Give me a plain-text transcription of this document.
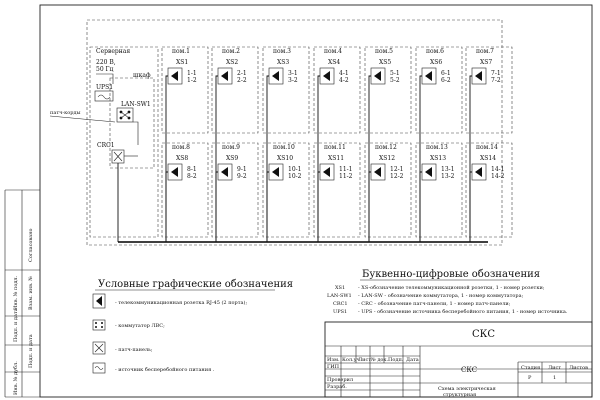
Согласовано
Инв. № подл.
Подп. и дата
Взам. инв. №
Инв. № дубл.
Подп. и дата
Серверная
220 В,
50 Гц
шкаф
UPS1
LAN-SW1
патч-корды
CRC1
пом.1
XS1
1-1
1-2
пом.2
XS2
2-1
2-2
пом.3
XS3
3-1
3-2
пом.4
XS4
4-1
4-2
пом.5
XS5
5-1
5-2
пом.6
XS6
6-1
6-2
пом.7
XS7
7-1
7-2
пом.8
XS8
8-1
8-2
пом.9
XS9
9-1
9-2
пом.10
XS10
10-1
10-2
пом.11
XS11
11-1
11-2
пом.12
XS12
12-1
12-2
пом.13
XS13
13-1
13-2
пом.14
XS14
14-1
14-2
Условные графические обозначения
- телекоммуникационная розетка RJ-45 (2 порта);
- коммутатор ЛВС;
- патч-панель;
- источник бесперебойного питания .
Буквенно-цифровые обозначения
XS1	- XS-обозначение телекоммуникационной розетки, 1 - номер розетки;
LAN-SW1 - LAN-SW - обозначение коммутатора, 1 - номер коммутатора;
CRC1 - CRC - обозначение патч-панели, 1 - номер патч-панели;
UPS1 - UPS - обозначение источника бесперебойного питания, 1 - номер источника.
СКС
СКС
Изм. Кол.уч
Лист № док. Подп. Дата
ГИП
Проверил
Разраб.
Стадия Лист Листов
Р	1
Схема электрическая
структурная
